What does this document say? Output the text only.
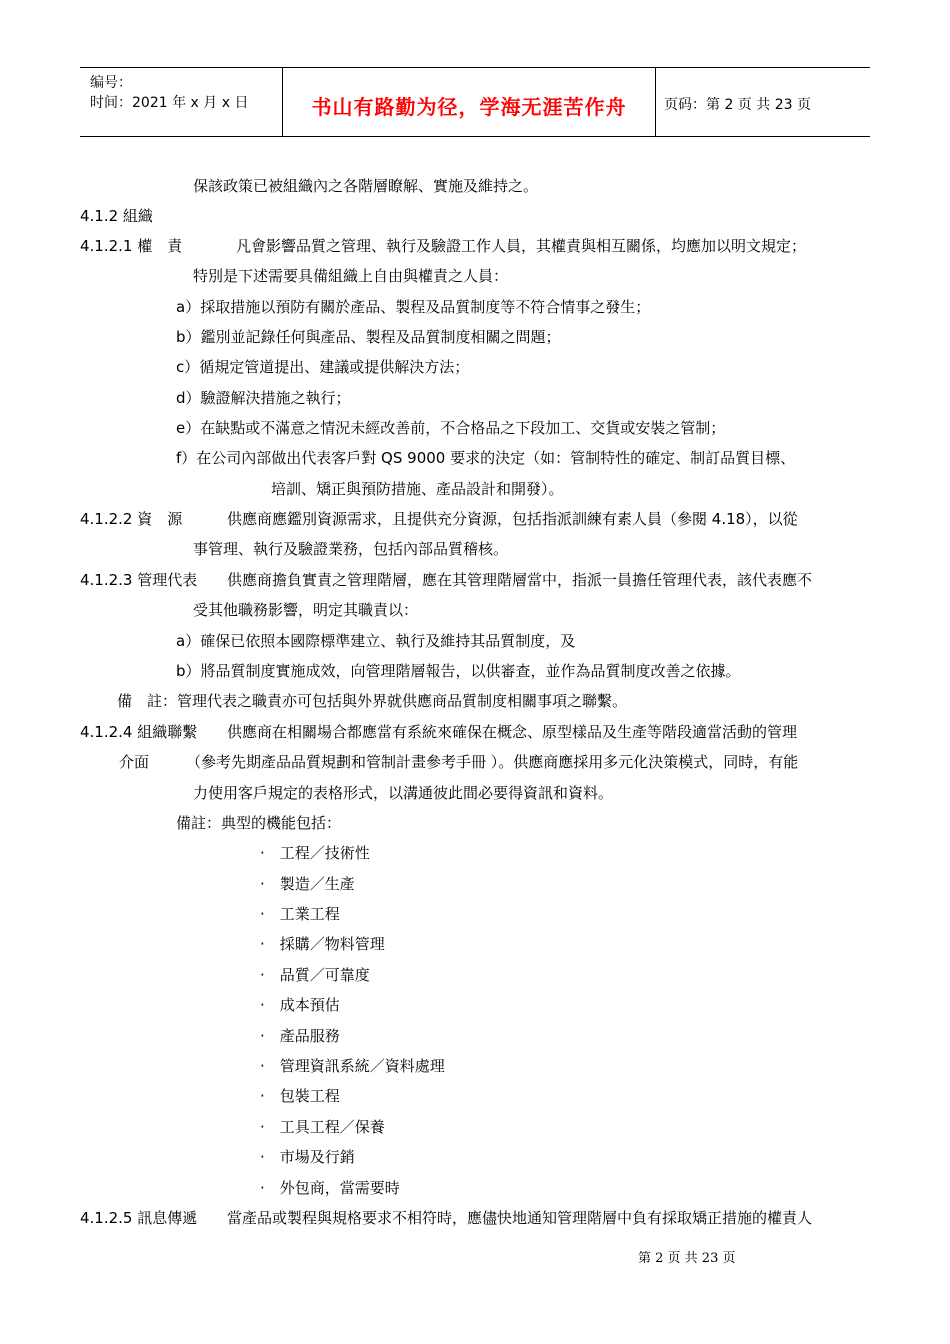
编号：
时间：2021 年 x 月 x 日	书山有路勤为径，学海无涯苦作舟	页码：第 2 页 共 23 页
保該政策已被組織內之各階層瞭解、實施及維持之。
4.1.2 組織
4.1.2.1 權　責	凡會影響品質之管理、執行及驗證工作人員，其權責與相互關係，均應加以明文規定；
特別是下述需要具備組織上自由與權責之人員：
a）採取措施以預防有關於產品、製程及品質制度等不符合情事之發生；
b）鑑別並記錄任何與產品、製程及品質制度相關之問題；
c）循規定管道提出、建議或提供解決方法；
d）驗證解決措施之執行；
e）在缺點或不滿意之情況未經改善前，不合格品之下段加工、交貨或安裝之管制；
f）在公司內部做出代表客戶對 QS 9000 要求的決定（如：管制特性的確定、制訂品質目標、
培訓、矯正與預防措施、產品設計和開發）。
4.1.2.2 資　源	供應商應鑑別資源需求，且提供充分資源，包括指派訓練有素人員（參閱 4.18），以從
事管理、執行及驗證業務，包括內部品質稽核。
4.1.2.3 管理代表 供應商擔負實責之管理階層，應在其管理階層當中，指派一員擔任管理代表，該代表應不
受其他職務影響，明定其職責以：
a）確保已依照本國際標準建立、執行及維持其品質制度，及
b）將品質制度實施成效，向管理階層報告，以供審查，並作為品質制度改善之依據。
備　註：管理代表之職責亦可包括與外界就供應商品質制度相關事項之聯繫。
4.1.2.4 組織聯繫 供應商在相關場合都應當有系統來確保在概念、原型樣品及生產等階段適當活動的管理
介面 （參考先期產品品質規劃和管制計畫參考手冊 ）。供應商應採用多元化決策模式，同時，有能
力使用客戶規定的表格形式，以溝通彼此間必要得資訊和資料。
備註：典型的機能包括：
·　 工程／技術性
·　 製造／生產
·　 工業工程
·　 採購／物料管理
·　 品質／可靠度
·　 成本預估
·　 產品服務
·　 管理資訊系統／資料處理
·　 包裝工程
·　 工具工程／保養
·　 市場及行銷
·　 外包商，當需要時
4.1.2.5 訊息傳遞 當產品或製程與規格要求不相符時，應儘快地通知管理階層中負有採取矯正措施的權責人
第 2 页 共 23 页
